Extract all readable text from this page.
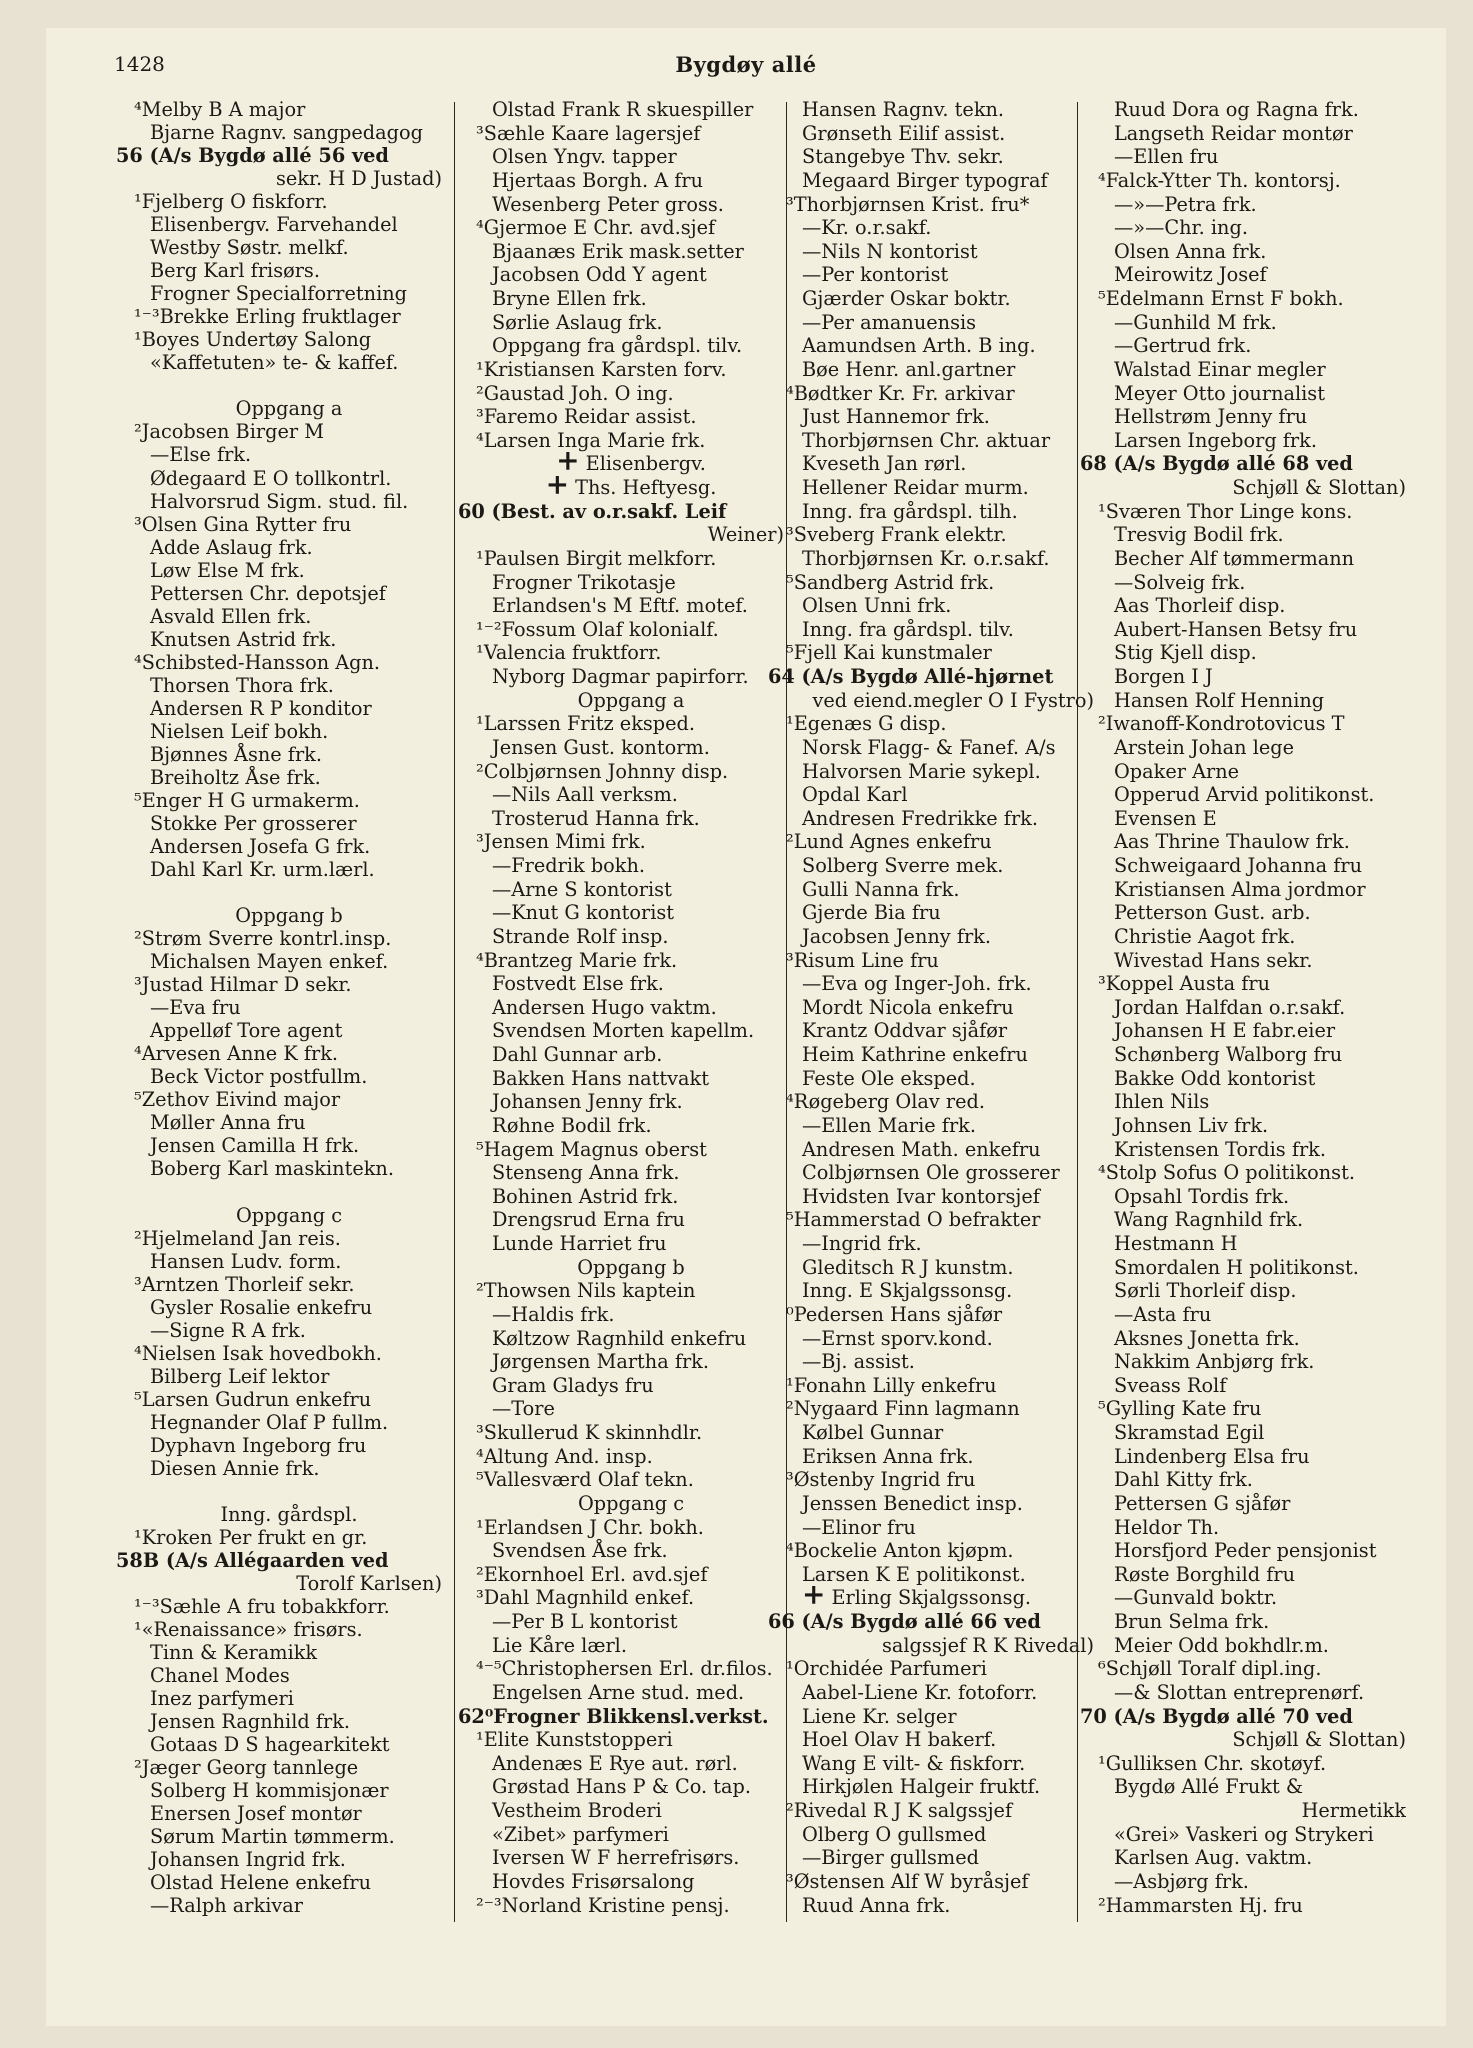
1428	Bygdøy allé
⁴Melby B A major
Bjarne Ragnv. sangpedagog
56 (A/s Bygdø allé 56 ved
sekr. H D Justad)
¹Fjelberg O fiskforr.
Elisenbergv. Farvehandel
Westby Søstr. melkf.
Berg Karl frisørs.
Frogner Specialforretning
¹⁻³Brekke Erling fruktlager
¹Boyes Undertøy Salong
«Kaffetuten» te- & kaffef.
Oppgang a
²Jacobsen Birger M
—Else frk.
Ødegaard E O tollkontrl.
Halvorsrud Sigm. stud. fil.
³Olsen Gina Rytter fru
Adde Aslaug frk.
Løw Else M frk.
Pettersen Chr. depotsjef
Asvald Ellen frk.
Knutsen Astrid frk.
⁴Schibsted-Hansson Agn.
Thorsen Thora frk.
Andersen R P konditor
Nielsen Leif bokh.
Bjønnes Åsne frk.
Breiholtz Åse frk.
⁵Enger H G urmakerm.
Stokke Per grosserer
Andersen Josefa G frk.
Dahl Karl Kr. urm.lærl.
Oppgang b
²Strøm Sverre kontrl.insp.
Michalsen Mayen enkef.
³Justad Hilmar D sekr.
—Eva fru
Appelløf Tore agent
⁴Arvesen Anne K frk.
Beck Victor postfullm.
⁵Zethov Eivind major
Møller Anna fru
Jensen Camilla H frk.
Boberg Karl maskintekn.
Oppgang c
²Hjelmeland Jan reis.
Hansen Ludv. form.
³Arntzen Thorleif sekr.
Gysler Rosalie enkefru
—Signe R A frk.
⁴Nielsen Isak hovedbokh.
Bilberg Leif lektor
⁵Larsen Gudrun enkefru
Hegnander Olaf P fullm.
Dyphavn Ingeborg fru
Diesen Annie frk.
Inng. gårdspl.
¹Kroken Per frukt en gr.
58B (A/s Allégaarden ved
Torolf Karlsen)
¹⁻³Sæhle A fru tobakkforr.
¹«Renaissance» frisørs.
Tinn & Keramikk
Chanel Modes
Inez parfymeri
Jensen Ragnhild frk.
Gotaas D S hagearkitekt
²Jæger Georg tannlege
Solberg H kommisjonær
Enersen Josef montør
Sørum Martin tømmerm.
Johansen Ingrid frk.
Olstad Helene enkefru
—Ralph arkivar
Olstad Frank R skuespiller
³Sæhle Kaare lagersjef
Olsen Yngv. tapper
Hjertaas Borgh. A fru
Wesenberg Peter gross.
⁴Gjermoe E Chr. avd.sjef
Bjaanæs Erik mask.setter
Jacobsen Odd Y agent
Bryne Ellen frk.
Sørlie Aslaug frk.
Oppgang fra gårdspl. tilv.
¹Kristiansen Karsten forv.
²Gaustad Joh. O ing.
³Faremo Reidar assist.
⁴Larsen Inga Marie frk.
+ Elisenbergv.
+ Ths. Heftyesg.
60 (Best. av o.r.sakf. Leif
Weiner)
¹Paulsen Birgit melkforr.
Frogner Trikotasje
Erlandsen's M Eftf. motef.
¹⁻²Fossum Olaf kolonialf.
¹Valencia fruktforr.
Nyborg Dagmar papirforr.
Oppgang a
¹Larssen Fritz eksped.
Jensen Gust. kontorm.
²Colbjørnsen Johnny disp.
—Nils Aall verksm.
Trosterud Hanna frk.
³Jensen Mimi frk.
—Fredrik bokh.
—Arne S kontorist
—Knut G kontorist
Strande Rolf insp.
⁴Brantzeg Marie frk.
Fostvedt Else frk.
Andersen Hugo vaktm.
Svendsen Morten kapellm.
Dahl Gunnar arb.
Bakken Hans nattvakt
Johansen Jenny frk.
Røhne Bodil frk.
⁵Hagem Magnus oberst
Stenseng Anna frk.
Bohinen Astrid frk.
Drengsrud Erna fru
Lunde Harriet fru
Oppgang b
²Thowsen Nils kaptein
—Haldis frk.
Køltzow Ragnhild enkefru
Jørgensen Martha frk.
Gram Gladys fru
—Tore
³Skullerud K skinnhdlr.
⁴Altung And. insp.
⁵Vallesværd Olaf tekn.
Oppgang c
¹Erlandsen J Chr. bokh.
Svendsen Åse frk.
²Ekornhoel Erl. avd.sjef
³Dahl Magnhild enkef.
—Per B L kontorist
Lie Kåre lærl.
⁴⁻⁵Christophersen Erl. dr.filos.
Engelsen Arne stud. med.
62⁰Frogner Blikkensl.verkst.
¹Elite Kunststopperi
Andenæs E Rye aut. rørl.
Grøstad Hans P & Co. tap.
Vestheim Broderi
«Zibet» parfymeri
Iversen W F herrefrisørs.
Hovdes Frisørsalong
²⁻³Norland Kristine pensj.
Hansen Ragnv. tekn.
Grønseth Eilif assist.
Stangebye Thv. sekr.
Megaard Birger typograf
³Thorbjørnsen Krist. fru*
—Kr. o.r.sakf.
—Nils N kontorist
—Per kontorist
Gjærder Oskar boktr.
—Per amanuensis
Aamundsen Arth. B ing.
Bøe Henr. anl.gartner
⁴Bødtker Kr. Fr. arkivar
Just Hannemor frk.
Thorbjørnsen Chr. aktuar
Kveseth Jan rørl.
Hellener Reidar murm.
Inng. fra gårdspl. tilh.
³Sveberg Frank elektr.
Thorbjørnsen Kr. o.r.sakf.
⁵Sandberg Astrid frk.
Olsen Unni frk.
Inng. fra gårdspl. tilv.
⁵Fjell Kai kunstmaler
64 (A/s Bygdø Allé-hjørnet
ved eiend.megler O I Fystro)
¹Egenæs G disp.
Norsk Flagg- & Fanef. A/s
Halvorsen Marie sykepl.
Opdal Karl
Andresen Fredrikke frk.
²Lund Agnes enkefru
Solberg Sverre mek.
Gulli Nanna frk.
Gjerde Bia fru
Jacobsen Jenny frk.
³Risum Line fru
—Eva og Inger-Joh. frk.
Mordt Nicola enkefru
Krantz Oddvar sjåfør
Heim Kathrine enkefru
Feste Ole eksped.
⁴Røgeberg Olav red.
—Ellen Marie frk.
Andresen Math. enkefru
Colbjørnsen Ole grosserer
Hvidsten Ivar kontorsjef
⁵Hammerstad O befrakter
—Ingrid frk.
Gleditsch R J kunstm.
Inng. E Skjalgssonsg.
⁰Pedersen Hans sjåfør
—Ernst sporv.kond.
—Bj. assist.
¹Fonahn Lilly enkefru
²Nygaard Finn lagmann
Kølbel Gunnar
Eriksen Anna frk.
³Østenby Ingrid fru
Jenssen Benedict insp.
—Elinor fru
⁴Bockelie Anton kjøpm.
Larsen K E politikonst.
+ Erling Skjalgssonsg.
66 (A/s Bygdø allé 66 ved
salgssjef R K Rivedal)
¹Orchidée Parfumeri
Aabel-Liene Kr. fotoforr.
Liene Kr. selger
Hoel Olav H bakerf.
Wang E vilt- & fiskforr.
Hirkjølen Halgeir fruktf.
²Rivedal R J K salgssjef
Olberg O gullsmed
—Birger gullsmed
³Østensen Alf W byråsjef
Ruud Anna frk.
Ruud Dora og Ragna frk.
Langseth Reidar montør
—Ellen fru
⁴Falck-Ytter Th. kontorsj.
—»—Petra frk.
—»—Chr. ing.
Olsen Anna frk.
Meirowitz Josef
⁵Edelmann Ernst F bokh.
—Gunhild M frk.
—Gertrud frk.
Walstad Einar megler
Meyer Otto journalist
Hellstrøm Jenny fru
Larsen Ingeborg frk.
68 (A/s Bygdø allé 68 ved
Schjøll & Slottan)
¹Sværen Thor Linge kons.
Tresvig Bodil frk.
Becher Alf tømmermann
—Solveig frk.
Aas Thorleif disp.
Aubert-Hansen Betsy fru
Stig Kjell disp.
Borgen I J
Hansen Rolf Henning
²Iwanoff-Kondrotovicus T
Arstein Johan lege
Opaker Arne
Opperud Arvid politikonst.
Evensen E
Aas Thrine Thaulow frk.
Schweigaard Johanna fru
Kristiansen Alma jordmor
Petterson Gust. arb.
Christie Aagot frk.
Wivestad Hans sekr.
³Koppel Austa fru
Jordan Halfdan o.r.sakf.
Johansen H E fabr.eier
Schønberg Walborg fru
Bakke Odd kontorist
Ihlen Nils
Johnsen Liv frk.
Kristensen Tordis frk.
⁴Stolp Sofus O politikonst.
Opsahl Tordis frk.
Wang Ragnhild frk.
Hestmann H
Smordalen H politikonst.
Sørli Thorleif disp.
—Asta fru
Aksnes Jonetta frk.
Nakkim Anbjørg frk.
Sveass Rolf
⁵Gylling Kate fru
Skramstad Egil
Lindenberg Elsa fru
Dahl Kitty frk.
Pettersen G sjåfør
Heldor Th.
Horsfjord Peder pensjonist
Røste Borghild fru
—Gunvald boktr.
Brun Selma frk.
Meier Odd bokhdlr.m.
⁶Schjøll Toralf dipl.ing.
—& Slottan entreprenørf.
70 (A/s Bygdø allé 70 ved
Schjøll & Slottan)
¹Gulliksen Chr. skotøyf.
Bygdø Allé Frukt &
Hermetikk
«Grei» Vaskeri og Strykeri
Karlsen Aug. vaktm.
—Asbjørg frk.
²Hammarsten Hj. fru
